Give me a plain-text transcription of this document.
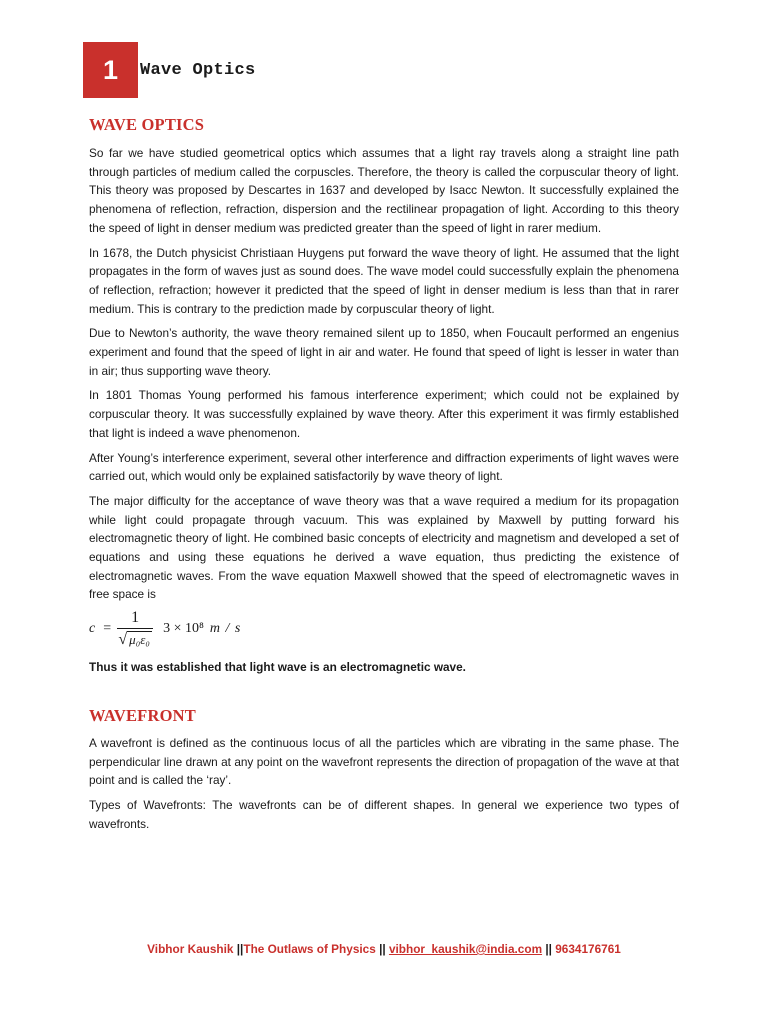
1 Wave Optics
WAVE OPTICS

So far we have studied geometrical optics which assumes that a light ray travels along a straight line path through particles of medium called the corpuscles. Therefore, the theory is called the corpuscular theory of light. This theory was proposed by Descartes in 1637 and developed by Isacc Newton. It successfully explained the phenomena of reflection, refraction, dispersion and the rectilinear propagation of light. According to this theory the speed of light in denser medium was predicted greater than the speed of light in rarer medium.

In 1678, the Dutch physicist Christiaan Huygens put forward the wave theory of light. He assumed that the light propagates in the form of waves just as sound does. The wave model could successfully explain the phenomena of reflection, refraction; however it predicted that the speed of light in denser medium is less than that in rarer medium. This is contrary to the prediction made by corpuscular theory of light.

Due to Newton’s authority, the wave theory remained silent up to 1850, when Foucault performed an engenius experiment and found that the speed of light in air and water. He found that speed of light is lesser in water than in air; thus supporting wave theory.

In 1801 Thomas Young performed his famous interference experiment; which could not be explained by corpuscular theory. It was successfully explained by wave theory. After this experiment it was firmly established that light is indeed a wave phenomenon.

After Young’s interference experiment, several other interference and diffraction experiments of light waves were carried out, which would only be explained satisfactorily by wave theory of light.

The major difficulty for the acceptance of wave theory was that a wave required a medium for its propagation while light could propagate through vacuum. This was explained by Maxwell by putting forward his electromagnetic theory of light. He combined basic concepts of electricity and magnetism and developed a set of equations and using these equations he derived a wave equation, thus predicting the existence of electromagnetic waves. From the wave equation Maxwell showed that the speed of electromagnetic waves in free space is

$c = \frac{1}{\text{√ μ₀ε₀}} 3 \times 10^8$ m / s

Thus it was established that light wave is an electromagnetic wave.

WAVEFRONT

A wavefront is defined as the continuous locus of all the particles which are vibrating in the same phase. The perpendicular line drawn at any point on the wavefront represents the direction of propagation of the wave at that point and is called the ‘ray’.

Types of Wavefronts: The wavefronts can be of different shapes. In general we experience two types of wavefronts.

Vibhor Kaushik ||The Outlaws of Physics || vibhor_kaushik@india.com || 9634176761
